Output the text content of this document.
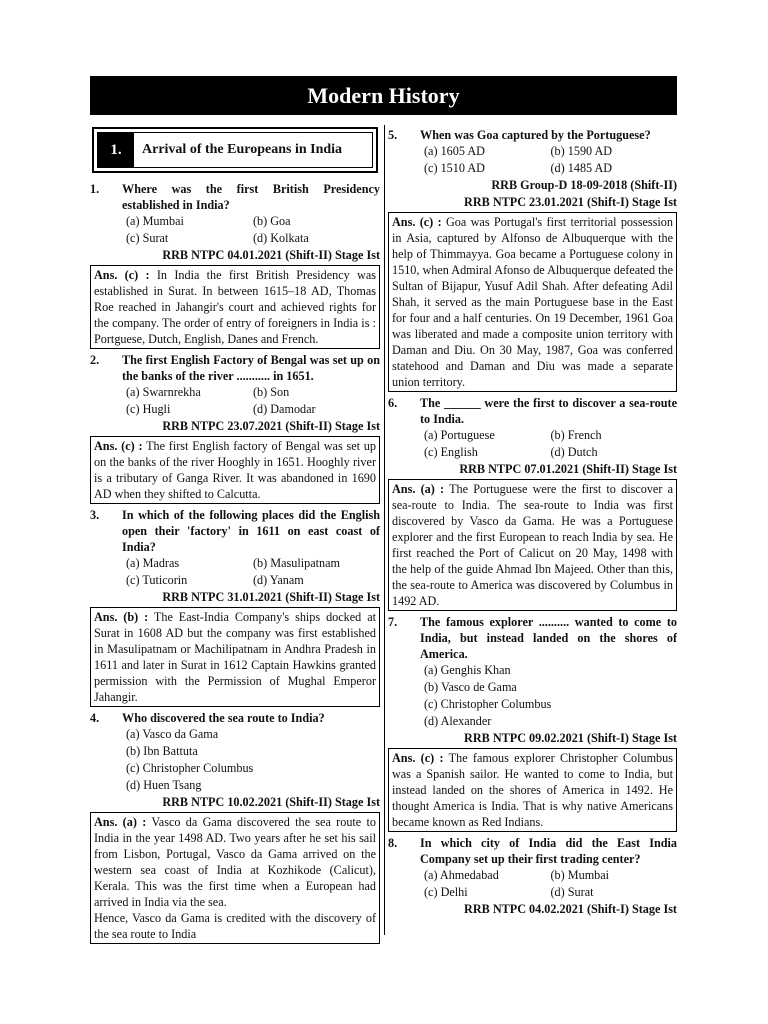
Modern History
1.	Arrival of the Europeans in India
1.	Where was the first British Presidency established in India?
(a) Mumbai	(b) Goa
(c) Surat	(d) Kolkata
RRB NTPC 04.01.2021 (Shift-II) Stage Ist
Ans. (c) : In India the first British Presidency was established in Surat. In between 1615–18 AD, Thomas Roe reached in Jahangir's court and achieved rights for the company. The order of entry of foreigners in India is : Portguese, Dutch, English, Danes and French.
2.	The first English Factory of Bengal was set up on the banks of the river ........... in 1651.
(a) Swarnrekha	(b) Son
(c) Hugli	(d) Damodar
RRB NTPC 23.07.2021 (Shift-II) Stage Ist
Ans. (c) : The first English factory of Bengal was set up on the banks of the river Hooghly in 1651. Hooghly river is a tributary of Ganga River. It was abandoned in 1690 AD when they shifted to Calcutta.
3.	In which of the following places did the English open their 'factory' in 1611 on east coast of India?
(a) Madras	(b) Masulipatnam
(c) Tuticorin	(d) Yanam
RRB NTPC 31.01.2021 (Shift-II) Stage Ist
Ans. (b) : The East-India Company's ships docked at Surat in 1608 AD but the company was first established in Masulipatnam or Machilipatnam in Andhra Pradesh in 1611 and later in Surat in 1612 Captain Hawkins granted permission with the Permission of Mughal Emperor Jahangir.
4.	Who discovered the sea route to India?
(a) Vasco da Gama
(b) Ibn Battuta
(c) Christopher Columbus
(d) Huen Tsang
RRB NTPC 10.02.2021 (Shift-II) Stage Ist
Ans. (a) : Vasco da Gama discovered the sea route to India in the year 1498 AD. Two years after he set his sail from Lisbon, Portugal, Vasco da Gama arrived on the western sea coast of India at Kozhikode (Calicut), Kerala. This was the first time when a European had arrived in India via the sea.
Hence, Vasco da Gama is credited with the discovery of the sea route to India
5.	When was Goa captured by the Portuguese?
(a) 1605 AD	(b) 1590 AD
(c) 1510 AD	(d) 1485 AD
RRB Group-D 18-09-2018 (Shift-II)
RRB NTPC 23.01.2021 (Shift-I) Stage Ist
Ans. (c) : Goa was Portugal's first territorial possession in Asia, captured by Alfonso de Albuquerque with the help of Thimmayya. Goa became a Portuguese colony in 1510, when Admiral Afonso de Albuquerque defeated the Sultan of Bijapur, Yusuf Adil Shah. After defeating Adil Shah, it served as the main Portuguese base in the East for four and a half centuries. On 19 December, 1961 Goa was liberated and made a composite union territory with Daman and Diu. On 30 May, 1987, Goa was conferred statehood and Daman and Diu was made a separate union territory.
6.	The ______ were the first to discover a sea-route to India.
(a) Portuguese	(b) French
(c) English	(d) Dutch
RRB NTPC 07.01.2021 (Shift-II) Stage Ist
Ans. (a) : The Portuguese were the first to discover a sea-route to India. The sea-route to India was first discovered by Vasco da Gama. He was a Portuguese explorer and the first European to reach India by sea. He first reached the Port of Calicut on 20 May, 1498 with the help of the guide Ahmad Ibn Majeed. Other than this, the sea-route to America was discovered by Columbus in 1492 AD.
7.	The famous explorer .......... wanted to come to India, but instead landed on the shores of America.
(a) Genghis Khan
(b) Vasco de Gama
(c) Christopher Columbus
(d) Alexander
RRB NTPC 09.02.2021 (Shift-I) Stage Ist
Ans. (c) : The famous explorer Christopher Columbus was a Spanish sailor. He wanted to come to India, but instead landed on the shores of America in 1492. He thought America is India. That is why native Americans became known as Red Indians.
8.	In which city of India did the East India Company set up their first trading center?
(a) Ahmedabad	(b) Mumbai
(c) Delhi	(d) Surat
RRB NTPC 04.02.2021 (Shift-I) Stage Ist
